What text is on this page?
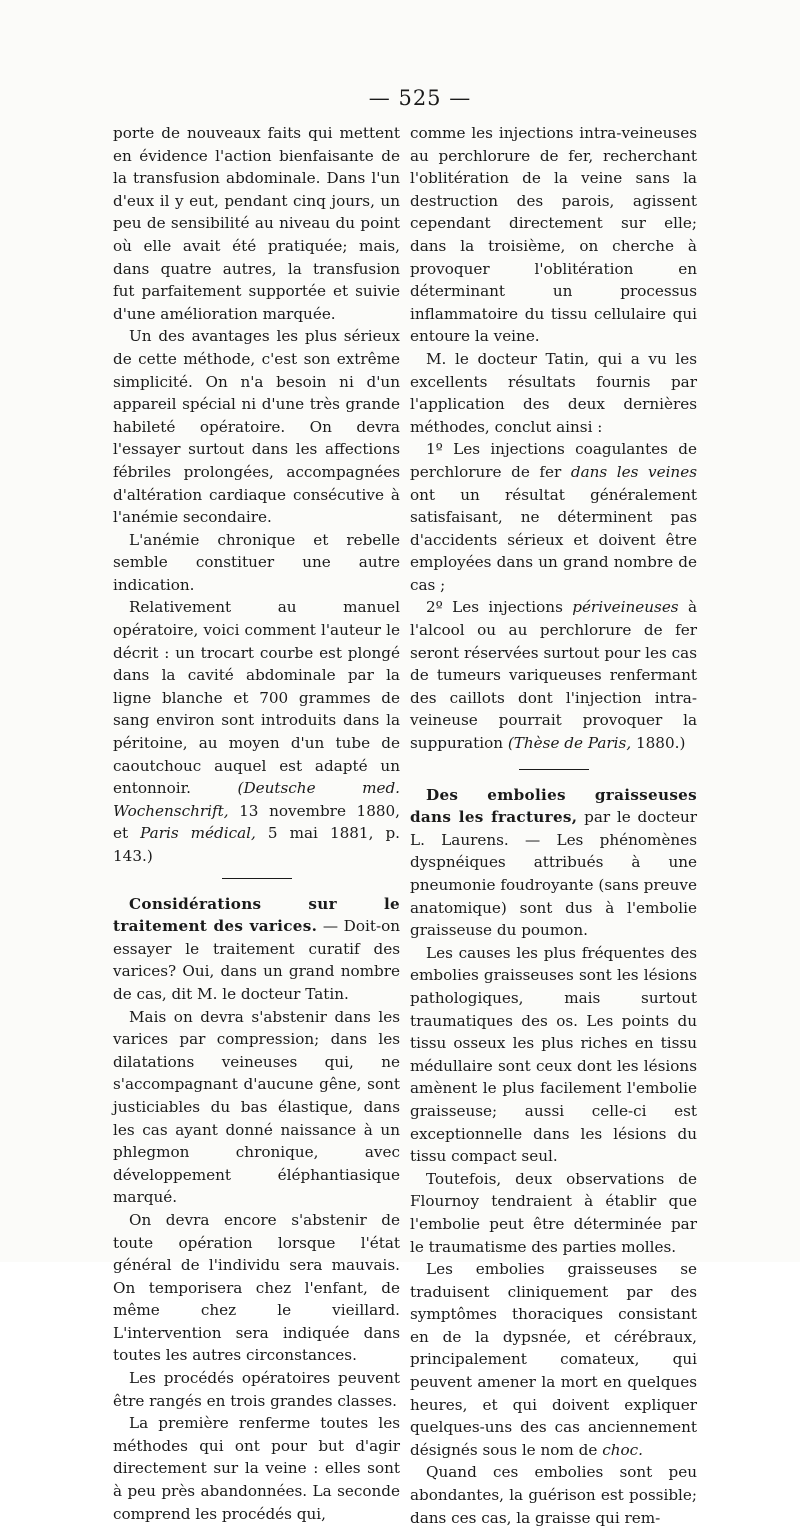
— 525 —

porte de nouveaux faits qui mettent en évidence l'action bienfaisante de la transfusion abdominale. Dans l'un d'eux il y eut, pendant cinq jours, un peu de sensibilité au niveau du point où elle avait été pratiquée; mais, dans quatre autres, la transfusion fut parfaitement supportée et suivie d'une amélioration marquée.

Un des avantages les plus sérieux de cette méthode, c'est son extrême simplicité. On n'a besoin ni d'un appareil spécial ni d'une très grande habileté opératoire. On devra l'essayer surtout dans les affections fébriles prolongées, accompagnées d'altération cardiaque consécutive à l'anémie secondaire.

L'anémie chronique et rebelle semble constituer une autre indication.

Relativement au manuel opératoire, voici comment l'auteur le décrit : un trocart courbe est plongé dans la cavité abdominale par la ligne blanche et 700 grammes de sang environ sont introduits dans la péritoine, au moyen d'un tube de caoutchouc auquel est adapté un entonnoir.	(Deutsche med. Wochenschrift, 13 novembre 1880, et Paris médical, 5 mai 1881, p. 143.)

Considérations sur le traitement des varices. — Doit-on essayer le traitement curatif des varices? Oui, dans un grand nombre de cas, dit M. le docteur Tatin.

Mais on devra s'abstenir dans les varices par compression; dans les dilatations veineuses qui, ne s'accompagnant d'aucune gêne, sont justiciables du bas élastique, dans les cas ayant donné naissance à un phlegmon chronique, avec développement éléphantiasique marqué.

On devra encore s'abstenir de toute opération lorsque l'état général de l'individu sera mauvais. On temporisera chez l'enfant, de même chez le vieillard. L'intervention sera indiquée dans toutes les autres circonstances.

Les procédés opératoires peuvent être rangés en trois grandes classes.

La première renferme toutes les méthodes qui ont pour but d'agir directement sur la veine : elles sont à peu près abandonnées. La seconde comprend les procédés qui,

comme les injections intra-veineuses au perchlorure de fer, recherchant l'oblitération de la veine sans la destruction des parois, agissent cependant directement sur elle; dans la troisième, on cherche à provoquer l'oblitération en déterminant un processus inflammatoire du tissu cellulaire qui entoure la veine.

M. le docteur Tatin, qui a vu les excellents résultats fournis par l'application des deux dernières méthodes, conclut ainsi :

1º Les injections coagulantes de perchlorure de fer dans les veines ont un résultat généralement satisfaisant, ne déterminent pas d'accidents sérieux et doivent être employées dans un grand nombre de cas ;

2º Les injections périveineuses à l'alcool ou au perchlorure de fer seront réservées surtout pour les cas de tumeurs variqueuses renfermant des caillots dont l'injection intra-veineuse pourrait provoquer la suppuration (Thèse de Paris, 1880.)

Des embolies graisseuses dans les fractures, par le docteur L. Laurens. — Les phénomènes dyspnéiques attribués à une pneumonie foudroyante (sans preuve anatomique) sont dus à l'embolie graisseuse du poumon.

Les causes les plus fréquentes des embolies graisseuses sont les lésions pathologiques, mais surtout traumatiques des os. Les points du tissu osseux les plus riches en tissu médullaire sont ceux dont les lésions amènent le plus facilement l'embolie graisseuse; aussi celle-ci est exceptionnelle dans les lésions du tissu compact seul.

Toutefois, deux observations de Flournoy tendraient à établir que l'embolie peut être déterminée par le traumatisme des parties molles.

Les embolies graisseuses se traduisent cliniquement par des symptômes thoraciques consistant en de la dypsnée, et cérébraux, principalement comateux, qui peuvent amener la mort en quelques heures, et qui doivent expliquer quelques-uns des cas anciennement désignés sous le nom de choc.

Quand ces embolies sont peu abondantes, la guérison est possible; dans ces cas, la graisse qui rem-
